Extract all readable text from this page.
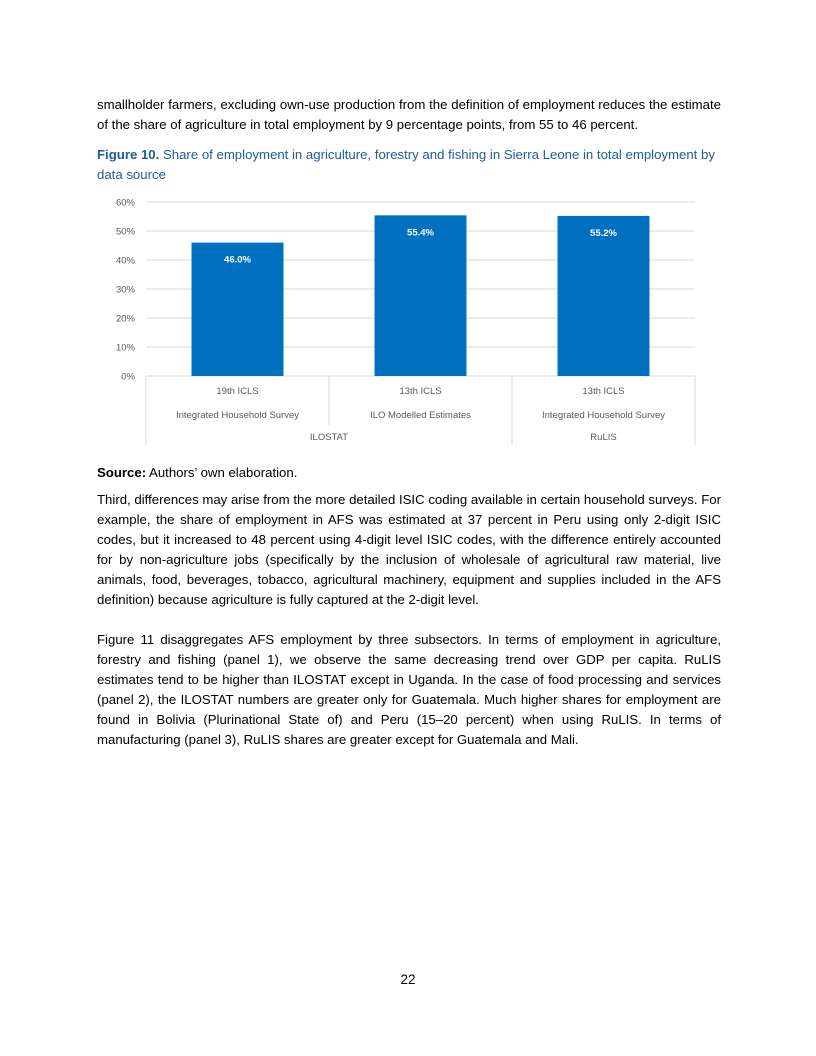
smallholder farmers, excluding own-use production from the definition of employment reduces the estimate of the share of agriculture in total employment by 9 percentage points, from 55 to 46 percent.

Figure 10. Share of employment in agriculture, forestry and fishing in Sierra Leone in total employment by data source

0%
10%
20%
30%
40%
50%
60%
46.0%
55.4%	55.2%
19th ICLS
Integrated Household Survey
13th ICLS
ILO Modelled Estimates
13th ICLS
Integrated Household Survey
ILOSTAT	RuLIS

Source: Authors’ own elaboration.

Third, differences may arise from the more detailed ISIC coding available in certain household surveys. For example, the share of employment in AFS was estimated at 37 percent in Peru using only 2-digit ISIC codes, but it increased to 48 percent using 4-digit level ISIC codes, with the difference entirely accounted for by non-agriculture jobs (specifically by the inclusion of wholesale of agricultural raw material, live animals, food, beverages, tobacco, agricultural machinery, equipment and supplies included in the AFS definition) because agriculture is fully captured at the 2-digit level.

Figure 11 disaggregates AFS employment by three subsectors. In terms of employment in agriculture, forestry and fishing (panel 1), we observe the same decreasing trend over GDP per capita. RuLIS estimates tend to be higher than ILOSTAT except in Uganda. In the case of food processing and services (panel 2), the ILOSTAT numbers are greater only for Guatemala. Much higher shares for employment are found in Bolivia (Plurinational State of) and Peru (15–20 percent) when using RuLIS. In terms of manufacturing (panel 3), RuLIS shares are greater except for Guatemala and Mali.

22
